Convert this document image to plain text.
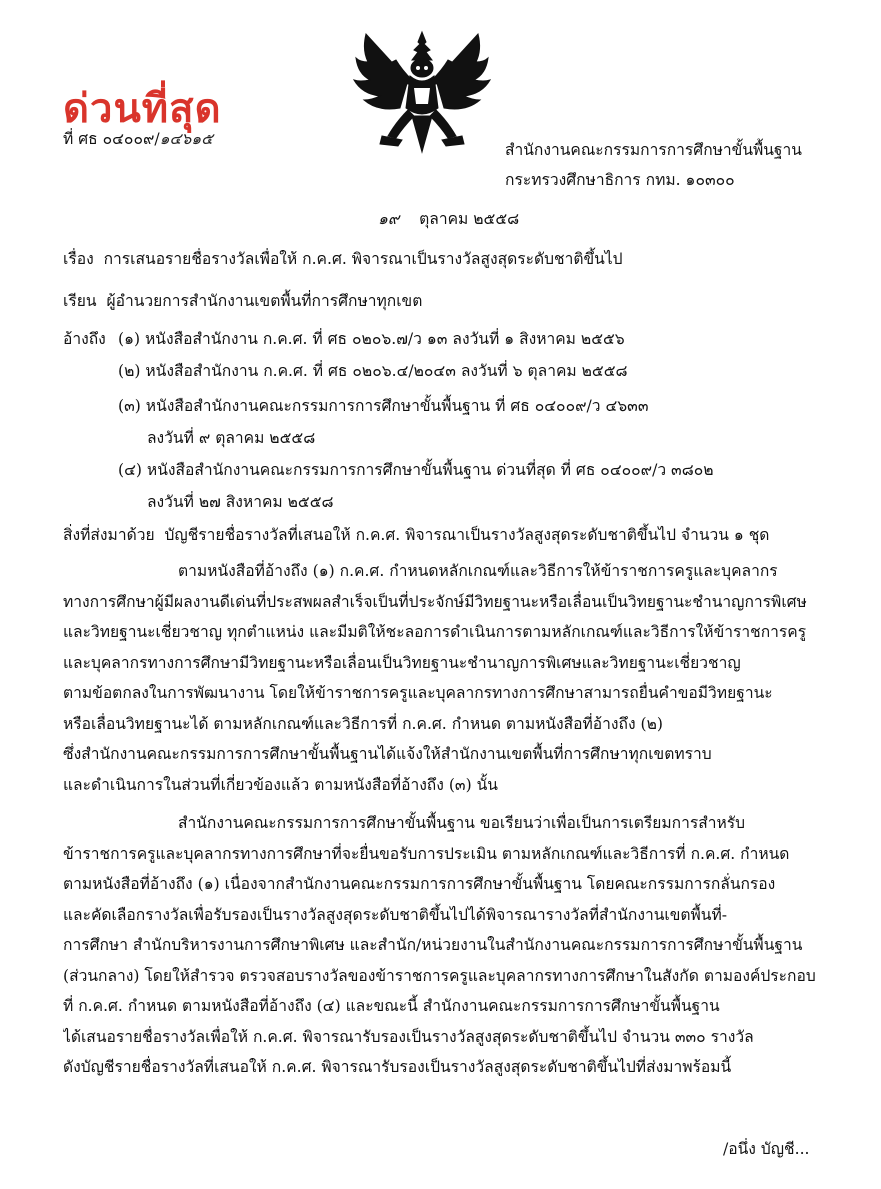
ด่วนที่สุด
ที่ ศธ ๐๔๐๐๙/๑๔๖๑๕
สำนักงานคณะกรรมการการศึกษาขั้นพื้นฐาน
กระทรวงศึกษาธิการ กทม. ๑๐๓๐๐
๑๙ ตุลาคม ๒๕๕๘
เรื่อง การเสนอรายชื่อรางวัลเพื่อให้ ก.ค.ศ. พิจารณาเป็นรางวัลสูงสุดระดับชาติขึ้นไป
เรียน ผู้อำนวยการสำนักงานเขตพื้นที่การศึกษาทุกเขต
อ้างถึง (๑) หนังสือสำนักงาน ก.ค.ศ. ที่ ศธ ๐๒๐๖.๗/ว ๑๓ ลงวันที่ ๑ สิงหาคม ๒๕๕๖
(๒) หนังสือสำนักงาน ก.ค.ศ. ที่ ศธ ๐๒๐๖.๔/๒๐๔๓ ลงวันที่ ๖ ตุลาคม ๒๕๕๘
(๓) หนังสือสำนักงานคณะกรรมการการศึกษาขั้นพื้นฐาน ที่ ศธ ๐๔๐๐๙/ว ๔๖๓๓
ลงวันที่ ๙ ตุลาคม ๒๕๕๘
(๔) หนังสือสำนักงานคณะกรรมการการศึกษาขั้นพื้นฐาน ด่วนที่สุด ที่ ศธ ๐๔๐๐๙/ว ๓๘๐๒
ลงวันที่ ๒๗ สิงหาคม ๒๕๕๘
สิ่งที่ส่งมาด้วย บัญชีรายชื่อรางวัลที่เสนอให้ ก.ค.ศ. พิจารณาเป็นรางวัลสูงสุดระดับชาติขึ้นไป จำนวน ๑ ชุด
ตามหนังสือที่อ้างถึง (๑) ก.ค.ศ. กำหนดหลักเกณฑ์และวิธีการให้ข้าราชการครูและบุคลากร
ทางการศึกษาผู้มีผลงานดีเด่นที่ประสพผลสำเร็จเป็นที่ประจักษ์มีวิทยฐานะหรือเลื่อนเป็นวิทยฐานะชำนาญการพิเศษ
และวิทยฐานะเชี่ยวชาญ ทุกตำแหน่ง และมีมติให้ชะลอการดำเนินการตามหลักเกณฑ์และวิธีการให้ข้าราชการครู
และบุคลากรทางการศึกษามีวิทยฐานะหรือเลื่อนเป็นวิทยฐานะชำนาญการพิเศษและวิทยฐานะเชี่ยวชาญ
ตามข้อตกลงในการพัฒนางาน โดยให้ข้าราชการครูและบุคลากรทางการศึกษาสามารถยื่นคำขอมีวิทยฐานะ
หรือเลื่อนวิทยฐานะได้ ตามหลักเกณฑ์และวิธีการที่ ก.ค.ศ. กำหนด ตามหนังสือที่อ้างถึง (๒)
ซึ่งสำนักงานคณะกรรมการการศึกษาขั้นพื้นฐานได้แจ้งให้สำนักงานเขตพื้นที่การศึกษาทุกเขตทราบ
และดำเนินการในส่วนที่เกี่ยวข้องแล้ว ตามหนังสือที่อ้างถึง (๓) นั้น
สำนักงานคณะกรรมการการศึกษาขั้นพื้นฐาน ขอเรียนว่าเพื่อเป็นการเตรียมการสำหรับ
ข้าราชการครูและบุคลากรทางการศึกษาที่จะยื่นขอรับการประเมิน ตามหลักเกณฑ์และวิธีการที่ ก.ค.ศ. กำหนด
ตามหนังสือที่อ้างถึง (๑) เนื่องจากสำนักงานคณะกรรมการการศึกษาขั้นพื้นฐาน โดยคณะกรรมการกลั่นกรอง
และคัดเลือกรางวัลเพื่อรับรองเป็นรางวัลสูงสุดระดับชาติขึ้นไปได้พิจารณารางวัลที่สำนักงานเขตพื้นที่-
การศึกษา สำนักบริหารงานการศึกษาพิเศษ และสำนัก/หน่วยงานในสำนักงานคณะกรรมการการศึกษาขั้นพื้นฐาน
(ส่วนกลาง) โดยให้สำรวจ ตรวจสอบรางวัลของข้าราชการครูและบุคลากรทางการศึกษาในสังกัด ตามองค์ประกอบ
ที่ ก.ค.ศ. กำหนด ตามหนังสือที่อ้างถึง (๔) และขณะนี้ สำนักงานคณะกรรมการการศึกษาขั้นพื้นฐาน
ได้เสนอรายชื่อรางวัลเพื่อให้ ก.ค.ศ. พิจารณารับรองเป็นรางวัลสูงสุดระดับชาติขึ้นไป จำนวน ๓๓๐ รางวัล
ดังบัญชีรายชื่อรางวัลที่เสนอให้ ก.ค.ศ. พิจารณารับรองเป็นรางวัลสูงสุดระดับชาติขึ้นไปที่ส่งมาพร้อมนี้
/อนึ่ง บัญชี...
